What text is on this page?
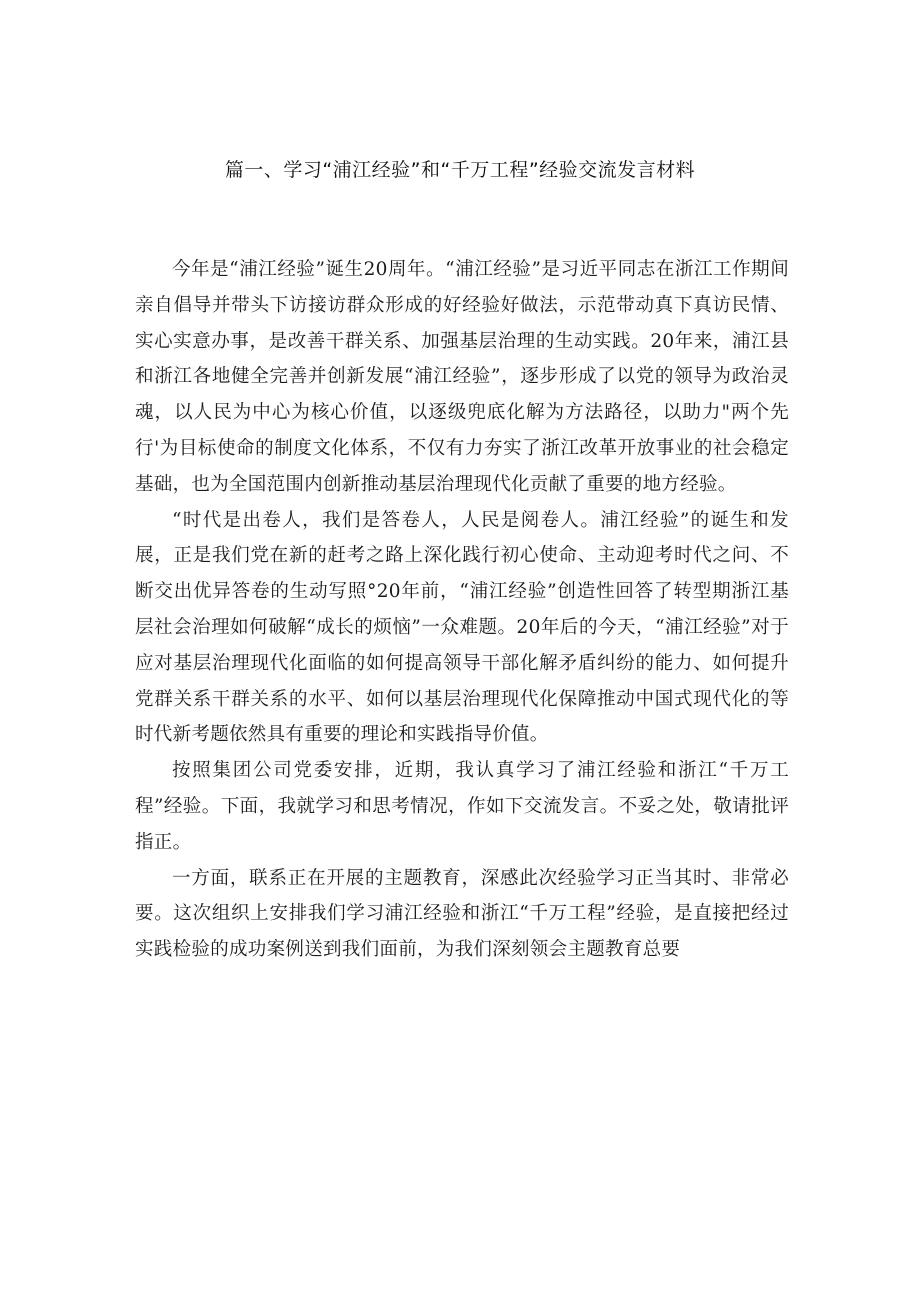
篇一、学习“浦江经验”和“千万工程”经验交流发言材料

今年是“浦江经验”诞生20周年。“浦江经验”是习近平同志在浙江工作期间亲自倡导并带头下访接访群众形成的好经验好做法，示范带动真下真访民情、实心实意办事，是改善干群关系、加强基层治理的生动实践。20年来，浦江县和浙江各地健全完善并创新发展“浦江经验”，逐步形成了以党的领导为政治灵魂，以人民为中心为核心价值，以逐级兜底化解为方法路径，以助力"两个先行'为目标使命的制度文化体系，不仅有力夯实了浙江改革开放事业的社会稳定基础，也为全国范围内创新推动基层治理现代化贡献了重要的地方经验。

“时代是出卷人，我们是答卷人，人民是阅卷人。浦江经验”的诞生和发展，正是我们党在新的赶考之路上深化践行初心使命、主动迎考时代之问、不断交出优异答卷的生动写照°20年前，“浦江经验”创造性回答了转型期浙江基层社会治理如何破解“成长的烦恼”一众难题。20年后的今天，“浦江经验”对于应对基层治理现代化面临的如何提高领导干部化解矛盾纠纷的能力、如何提升党群关系干群关系的水平、如何以基层治理现代化保障推动中国式现代化的等时代新考题依然具有重要的理论和实践指导价值。

按照集团公司党委安排，近期，我认真学习了浦江经验和浙江“千万工程”经验。下面，我就学习和思考情况，作如下交流发言。不妥之处，敬请批评指正。

一方面，联系正在开展的主题教育，深感此次经验学习正当其时、非常必要。这次组织上安排我们学习浦江经验和浙江“千万工程”经验，是直接把经过实践检验的成功案例送到我们面前，为我们深刻领会主题教育总要
